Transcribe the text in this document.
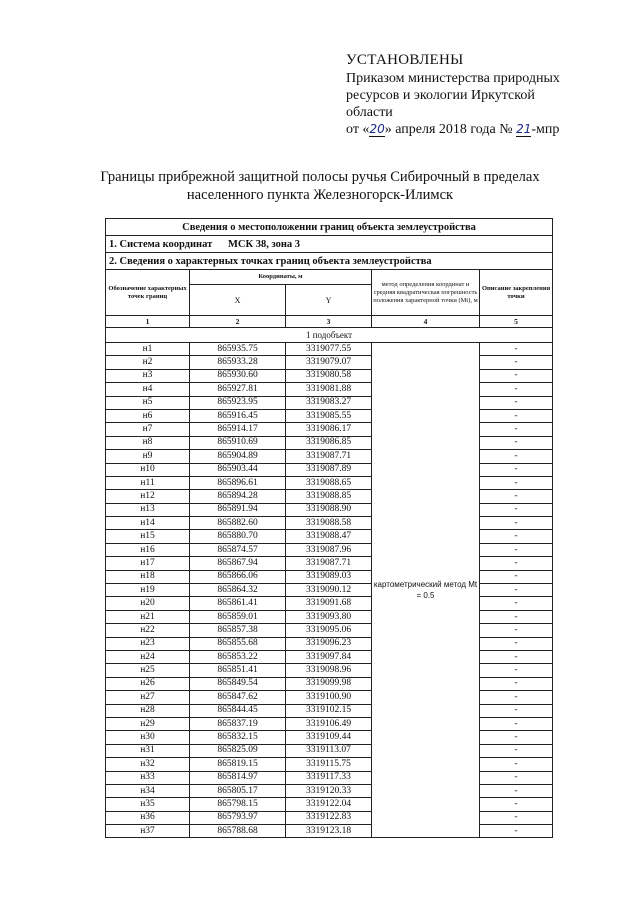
УСТАНОВЛЕНЫ
Приказом министерства природных
ресурсов и экологии Иркутской
области
от «20» апреля 2018 года № 21-мпр
Границы прибрежной защитной полосы ручья Сибирочный в пределах
населенного пункта Железногорск-Илимск
Сведения о местоположении границ объекта землеустройства				
1. Система координат МСК 38, зона 3				
2. Сведения о характерных точках границ объекта землеустройства				
Обозначение характерных точек границ	Координаты, м		метод определения координат и средняя квадратическая погрешность положения характерной точки (Mt), м	Описание закрепления точки
	X	Y		
1	2	3	4	5
1 подобъект				
н1	865935.75	3319077.55	картометрический метод Mt = 0.5	-
н2	865933.28	3319079.07		-
н3	865930.60	3319080.58		-
н4	865927.81	3319081.88		-
н5	865923.95	3319083.27		-
н6	865916.45	3319085.55		-
н7	865914.17	3319086.17		-
н8	865910.69	3319086.85		-
н9	865904.89	3319087.71		-
н10	865903.44	3319087.89		-
н11	865896.61	3319088.65		-
н12	865894.28	3319088.85		-
н13	865891.94	3319088.90		-
н14	865882.60	3319088.58		-
н15	865880.70	3319088.47		-
н16	865874.57	3319087.96		-
н17	865867.94	3319087.71		-
н18	865866.06	3319089.03		-
н19	865864.32	3319090.12		-
н20	865861.41	3319091.68		-
н21	865859.01	3319093.80		-
н22	865857.38	3319095.06		-
н23	865855.68	3319096.23		-
н24	865853.22	3319097.84		-
н25	865851.41	3319098.96		-
н26	865849.54	3319099.98		-
н27	865847.62	3319100.90		-
н28	865844.45	3319102.15		-
н29	865837.19	3319106.49		-
н30	865832.15	3319109.44		-
н31	865825.09	3319113.07		-
н32	865819.15	3319115.75		-
н33	865814.97	3319117.33		-
н34	865805.17	3319120.33		-
н35	865798.15	3319122.04		-
н36	865793.97	3319122.83		-
н37	865788.68	3319123.18		-
